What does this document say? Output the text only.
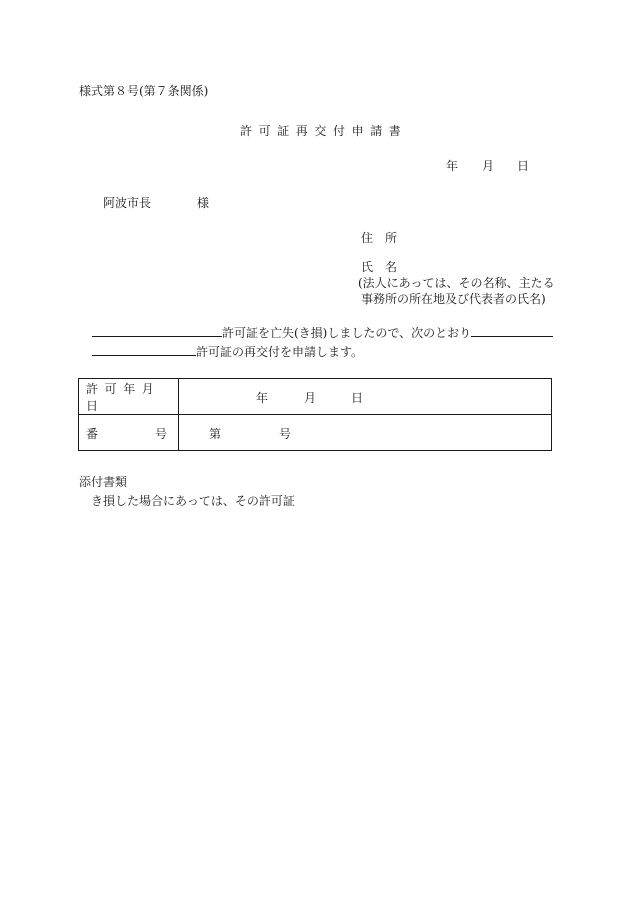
様式第８号(第７条関係)
許可証再交付申請書
年 月 日
阿波市長	様
住　所
氏　名
(法人にあっては、その名称、主たる
事務所の所在地及び代表者の氏名)
許可証を亡失(き損)しましたので、次のとおり
許可証の再交付を申請します。
許可年月日	年 月 日

番 号	第 号
添付書類
き損した場合にあっては、その許可証
